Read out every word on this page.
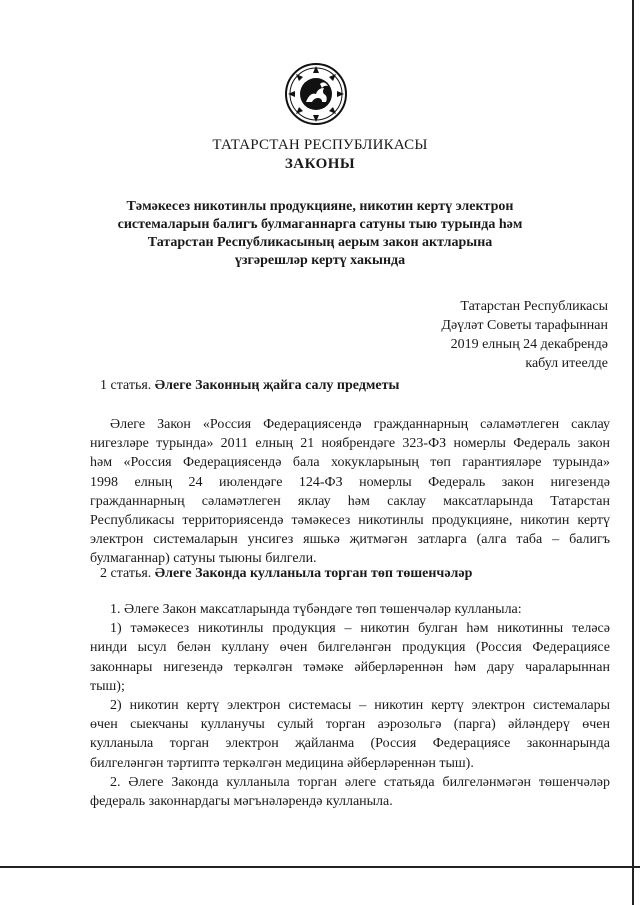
ТАТАРСТАН РЕСПУБЛИКАСЫ
ЗАКОНЫ
Тәмәкесез никотинлы продукцияне, никотин кертү электрон
системаларын балигъ булмаганнарга сатуны тыю турында һәм
Татарстан Республикасының аерым закон актларына
үзгәрешләр кертү хакында
Татарстан Республикасы
Дәүләт Советы тарафыннан
2019 елның 24 декабрендә
кабул итеелде
1 статья. Әлеге Законның җайга салу предметы
Әлеге Закон «Россия Федерациясендә гражданнарның сәламәтлеген саклау
нигезләре турында» 2011 елның 21 ноябрендәге 323-ФЗ номерлы Федераль закон
һәм «Россия Федерациясендә бала хокукларының төп гарантияләре турында»
1998 елның 24 июлендәге 124-ФЗ номерлы Федераль закон нигезендә
гражданнарның сәламәтлеген яклау һәм саклау максатларында Татарстан
Республикасы территориясендә тәмәкесез никотинлы продукцияне, никотин кертү
электрон системаларын унсигез яшькә җитмәгән затларга (алга таба – балигъ
булмаганнар) сатуны тыюны билгели.
2 статья. Әлеге Законда кулланыла торган төп төшенчәләр
1. Әлеге Закон максатларында түбәндәге төп төшенчәләр кулланыла:
1) тәмәкесез никотинлы продукция – никотин булган һәм никотинны теләсә
нинди ысул белән куллану өчен билгеләнгән продукция (Россия Федерациясе
законнары нигезендә теркәлгән тәмәке әйберләреннән һәм дару чараларыннан
тыш);
2) никотин кертү электрон системасы – никотин кертү электрон системалары
өчен сыекчаны кулланучы сулый торган аэрозольгә (парга) әйләндерү өчен
кулланыла торган электрон җайланма (Россия Федерациясе законнарында
билгеләнгән тәртиптә теркәлгән медицина әйберләреннән тыш).
2. Әлеге Законда кулланыла торган әлеге статьяда билгеләнмәгән төшенчәләр
федераль законнардагы мәгънәләрендә кулланыла.
